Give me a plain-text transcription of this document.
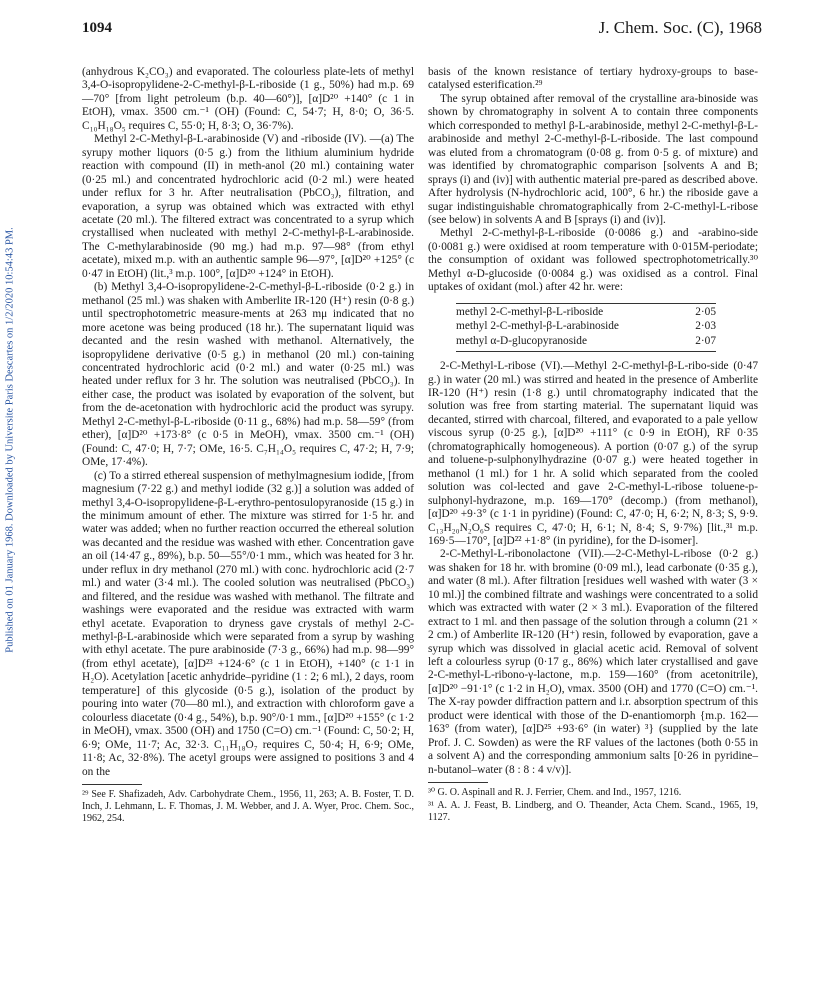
1094	J. Chem. Soc. (C), 1968
Published on 01 January 1968. Downloaded by Universite Paris Descartes on 1/2/2020 10:54:43 PM.

(anhydrous K₂CO₃) and evaporated. The colourless plate-lets of methyl 3,4-O-isopropylidene-2-C-methyl-β-L-riboside (1 g., 50%) had m.p. 69—70° [from light petroleum (b.p. 40—60°)], [α]D²⁰ +140° (c 1 in EtOH), νmax. 3500 cm.⁻¹ (OH) (Found: C, 54·7; H, 8·0; O, 36·5. C₁₀H₁₈O₅ requires C, 55·0; H, 8·3; O, 36·7%).

Methyl 2-C-Methyl-β-L-arabinoside (V) and -riboside (IV). —(a) The syrupy mother liquors (0·5 g.) from the lithium aluminium hydride reaction with compound (II) in meth-anol (20 ml.) containing water (0·25 ml.) and concentrated hydrochloric acid (0·2 ml.) were heated under reflux for 3 hr. After neutralisation (PbCO₃), filtration, and evaporation, a syrup was obtained which was extracted with ethyl acetate (20 ml.). The filtered extract was concentrated to a syrup which crystallised when nucleated with methyl 2-C-methyl-β-L-arabinoside. The C-methylarabinoside (90 mg.) had m.p. 97—98° (from ethyl acetate), mixed m.p. with an authentic sample 96—97°, [α]D²⁰ +125° (c 0·47 in EtOH) (lit.,³ m.p. 100°, [α]D²⁰ +124° in EtOH).

(b) Methyl 3,4-O-isopropylidene-2-C-methyl-β-L-riboside (0·2 g.) in methanol (25 ml.) was shaken with Amberlite IR-120 (H⁺) resin (0·8 g.) until spectrophotometric measure-ments at 263 mμ indicated that no more acetone was being produced (18 hr.). The supernatant liquid was decanted and the resin washed with methanol. Alternatively, the isopropylidene derivative (0·5 g.) in methanol (20 ml.) con-taining concentrated hydrochloric acid (0·2 ml.) and water (0·25 ml.) was heated under reflux for 3 hr. The solution was neutralised (PbCO₃). In either case, the product was isolated by evaporation of the solvent, but from the de-acetonation with hydrochloric acid the product was syrupy. Methyl 2-C-methyl-β-L-riboside (0·11 g., 68%) had m.p. 58—59° (from ether), [α]D²⁰ +173·8° (c 0·5 in MeOH), νmax. 3500 cm.⁻¹ (OH) (Found: C, 47·0; H, 7·7; OMe, 16·5. C₇H₁₄O₅ requires C, 47·2; H, 7·9; OMe, 17·4%).

(c) To a stirred ethereal suspension of methylmagnesium iodide, [from magnesium (7·22 g.) and methyl iodide (32 g.)] a solution was added of methyl 3,4-O-isopropylidene-β-L-erythro-pentosulopyranoside (15 g.) in the minimum amount of ether. The mixture was stirred for 1·5 hr. and water was added; when no further reaction occurred the ethereal solution was decanted and the residue was washed with ether. Concentration gave an oil (14·47 g., 89%), b.p. 50—55°/0·1 mm., which was heated for 3 hr. under reflux in dry methanol (270 ml.) with conc. hydrochloric acid (2·7 ml.) and water (3·4 ml.). The cooled solution was neutralised (PbCO₃) and filtered, and the residue was washed with methanol. The filtrate and washings were evaporated and the residue was extracted with warm ethyl acetate. Evaporation to dryness gave crystals of methyl 2-C-methyl-β-L-arabinoside which were separated from a syrup by washing with ethyl acetate. The pure arabinoside (7·3 g., 66%) had m.p. 98—99° (from ethyl acetate), [α]D²³ +124·6° (c 1 in EtOH), +140° (c 1·1 in H₂O). Acetylation [acetic anhydride–pyridine (1 : 2; 6 ml.), 2 days, room temperature] of this glycoside (0·5 g.), isolation of the product by pouring into water (70—80 ml.), and extraction with chloroform gave a colourless diacetate (0·4 g., 54%), b.p. 90°/0·1 mm., [α]D²⁰ +155° (c 1·2 in MeOH), νmax. 3500 (OH) and 1750 (C=O) cm.⁻¹ (Found: C, 50·2; H, 6·9; OMe, 11·7; Ac, 32·3. C₁₁H₁₈O₇ requires C, 50·4; H, 6·9; OMe, 11·8; Ac, 32·8%). The acetyl groups were assigned to positions 3 and 4 on the

²⁹ See F. Shafizadeh, Adv. Carbohydrate Chem., 1956, 11, 263; A. B. Foster, T. D. Inch, J. Lehmann, L. F. Thomas, J. M. Webber, and J. A. Wyer, Proc. Chem. Soc., 1962, 254.

basis of the known resistance of tertiary hydroxy-groups to base-catalysed esterification.²⁹

The syrup obtained after removal of the crystalline ara-binoside was shown by chromatography in solvent A to contain three components which corresponded to methyl β-L-arabinoside, methyl 2-C-methyl-β-L-arabinoside and methyl 2-C-methyl-β-L-riboside. The last compound was eluted from a chromatogram (0·08 g. from 0·5 g. of mixture) and was identified by chromatographic comparison [solvents A and B; sprays (i) and (iv)] with authentic material pre-pared as described above. After hydrolysis (N-hydrochloric acid, 100°, 6 hr.) the riboside gave a sugar indistinguishable chromatographically from 2-C-methyl-L-ribose (see below) in solvents A and B [sprays (i) and (iv)].

Methyl 2-C-methyl-β-L-riboside (0·0086 g.) and -arabino-side (0·0081 g.) were oxidised at room temperature with 0·015M-periodate; the consumption of oxidant was followed spectrophotometrically.³⁰ Methyl α-D-glucoside (0·0084 g.) was oxidised as a control. Final uptakes of oxidant (mol.) after 42 hr. were:

methyl 2-C-methyl-β-L-riboside	2·05
methyl 2-C-methyl-β-L-arabinoside	2·03
methyl α-D-glucopyranoside	2·07

2-C-Methyl-L-ribose (VI).—Methyl 2-C-methyl-β-L-ribo-side (0·47 g.) in water (20 ml.) was stirred and heated in the presence of Amberlite IR-120 (H⁺) resin (1·8 g.) until chromatography indicated that the solution was free from starting material. The supernatant liquid was decanted, stirred with charcoal, filtered, and evaporated to a pale yellow viscous syrup (0·25 g.), [α]D²⁰ +111° (c 0·9 in EtOH), RF 0·35 (chromatographically homogeneous). A portion (0·07 g.) of the syrup and toluene-p-sulphonylhydrazine (0·07 g.) were heated together in methanol (1 ml.) for 1 hr. A solid which separated from the cooled solution was col-lected and gave 2-C-methyl-L-ribose toluene-p-sulphonyl-hydrazone, m.p. 169—170° (decomp.) (from methanol), [α]D²⁰ +9·3° (c 1·1 in pyridine) (Found: C, 47·0; H, 6·2; N, 8·3; S, 9·9. C₁₃H₂₀N₂O₆S requires C, 47·0; H, 6·1; N, 8·4; S, 9·7%) [lit.,³¹ m.p. 169·5—170°, [α]D²² +1·8° (in pyridine), for the D-isomer].

2-C-Methyl-L-ribonolactone (VII).—2-C-Methyl-L-ribose (0·2 g.) was shaken for 18 hr. with bromine (0·09 ml.), lead carbonate (0·35 g.), and water (8 ml.). After filtration [residues well washed with water (3 × 10 ml.)] the combined filtrate and washings were concentrated to a solid which was extracted with water (2 × 3 ml.). Evaporation of the filtered extract to 1 ml. and then passage of the solution through a column (21 × 2 cm.) of Amberlite IR-120 (H⁺) resin, followed by evaporation, gave a syrup which was dissolved in glacial acetic acid. Removal of solvent left a colourless syrup (0·17 g., 86%) which later crystallised and gave 2-C-methyl-L-ribono-γ-lactone, m.p. 159—160° (from acetonitrile), [α]D²⁰ −91·1° (c 1·2 in H₂O), νmax. 3500 (OH) and 1770 (C=O) cm.⁻¹. The X-ray powder diffraction pattern and i.r. absorption spectrum of this product were identical with those of the D-enantiomorph {m.p. 162—163° (from water), [α]D²⁵ +93·6° (in water) ³} (supplied by the late Prof. J. C. Sowden) as were the RF values of the lactones (both 0·55 in a solvent A) and the corresponding ammonium salts [0·26 in pyridine–n-butanol–water (8 : 8 : 4 v/v)].

³⁰ G. O. Aspinall and R. J. Ferrier, Chem. and Ind., 1957, 1216.

³¹ A. A. J. Feast, B. Lindberg, and O. Theander, Acta Chem. Scand., 1965, 19, 1127.
